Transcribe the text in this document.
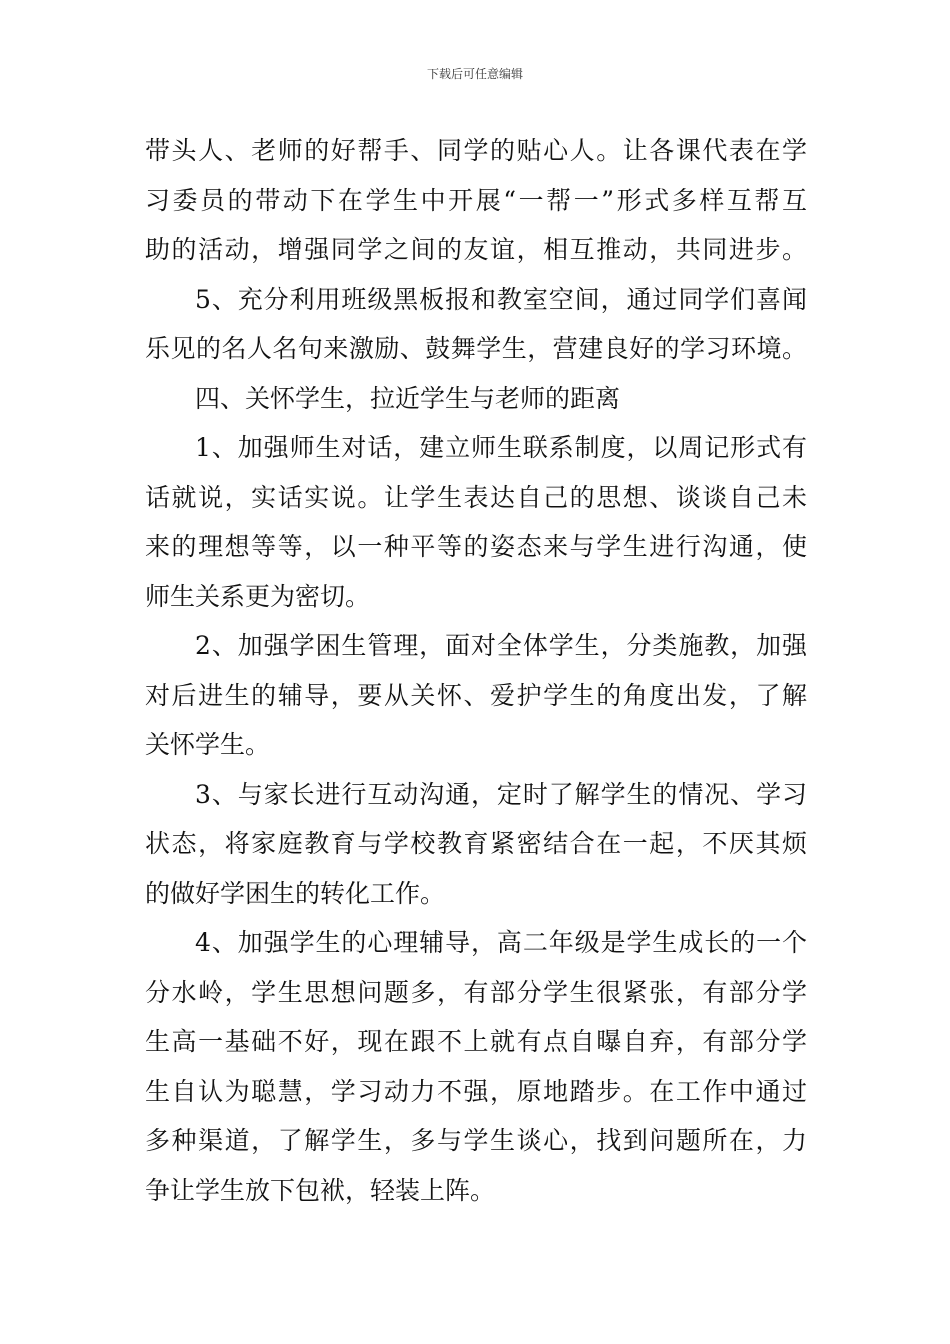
下载后可任意编辑
带头人、老师的好帮手、同学的贴心人。让各课代表在学
习委员的带动下在学生中开展“一帮一”形式多样互帮互
助的活动，增强同学之间的友谊，相互推动，共同进步。
5、充分利用班级黑板报和教室空间，通过同学们喜闻
乐见的名人名句来激励、鼓舞学生，营建良好的学习环境。
四、关怀学生，拉近学生与老师的距离
1、加强师生对话，建立师生联系制度，以周记形式有
话就说，实话实说。让学生表达自己的思想、谈谈自己未
来的理想等等，以一种平等的姿态来与学生进行沟通，使
师生关系更为密切。
2、加强学困生管理，面对全体学生，分类施教，加强
对后进生的辅导，要从关怀、爱护学生的角度出发，了解
关怀学生。
3、与家长进行互动沟通，定时了解学生的情况、学习
状态，将家庭教育与学校教育紧密结合在一起，不厌其烦
的做好学困生的转化工作。
4、加强学生的心理辅导，高二年级是学生成长的一个
分水岭，学生思想问题多，有部分学生很紧张，有部分学
生高一基础不好，现在跟不上就有点自曝自弃，有部分学
生自认为聪慧，学习动力不强，原地踏步。在工作中通过
多种渠道，了解学生，多与学生谈心，找到问题所在，力
争让学生放下包袱，轻装上阵。
